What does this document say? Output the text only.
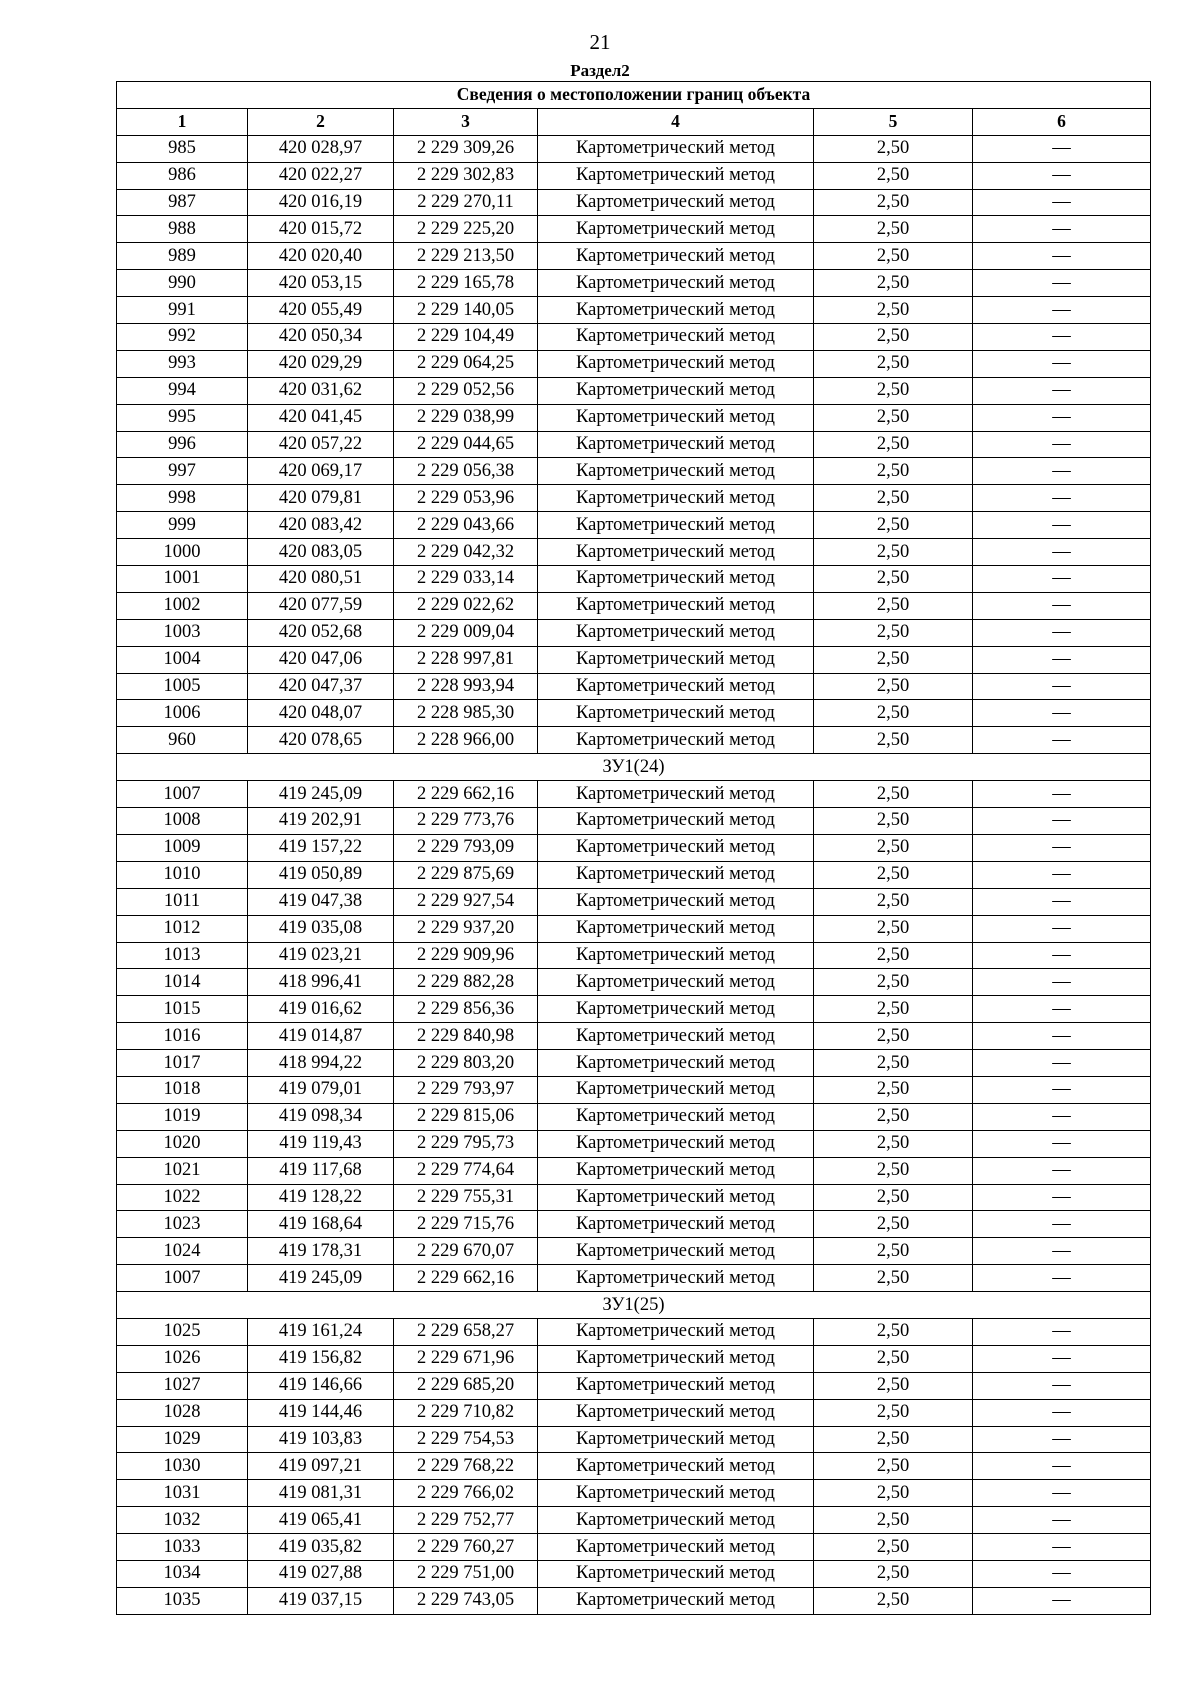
21
Раздел2
Сведения о местоположении границ объекта					
1	2	3	4	5	6
985	420 028,97	2 229 309,26	Картометрический метод	2,50	—
986	420 022,27	2 229 302,83	Картометрический метод	2,50	—
987	420 016,19	2 229 270,11	Картометрический метод	2,50	—
988	420 015,72	2 229 225,20	Картометрический метод	2,50	—
989	420 020,40	2 229 213,50	Картометрический метод	2,50	—
990	420 053,15	2 229 165,78	Картометрический метод	2,50	—
991	420 055,49	2 229 140,05	Картометрический метод	2,50	—
992	420 050,34	2 229 104,49	Картометрический метод	2,50	—
993	420 029,29	2 229 064,25	Картометрический метод	2,50	—
994	420 031,62	2 229 052,56	Картометрический метод	2,50	—
995	420 041,45	2 229 038,99	Картометрический метод	2,50	—
996	420 057,22	2 229 044,65	Картометрический метод	2,50	—
997	420 069,17	2 229 056,38	Картометрический метод	2,50	—
998	420 079,81	2 229 053,96	Картометрический метод	2,50	—
999	420 083,42	2 229 043,66	Картометрический метод	2,50	—
1000	420 083,05	2 229 042,32	Картометрический метод	2,50	—
1001	420 080,51	2 229 033,14	Картометрический метод	2,50	—
1002	420 077,59	2 229 022,62	Картометрический метод	2,50	—
1003	420 052,68	2 229 009,04	Картометрический метод	2,50	—
1004	420 047,06	2 228 997,81	Картометрический метод	2,50	—
1005	420 047,37	2 228 993,94	Картометрический метод	2,50	—
1006	420 048,07	2 228 985,30	Картометрический метод	2,50	—
960	420 078,65	2 228 966,00	Картометрический метод	2,50	—
ЗУ1(24)					
1007	419 245,09	2 229 662,16	Картометрический метод	2,50	—
1008	419 202,91	2 229 773,76	Картометрический метод	2,50	—
1009	419 157,22	2 229 793,09	Картометрический метод	2,50	—
1010	419 050,89	2 229 875,69	Картометрический метод	2,50	—
1011	419 047,38	2 229 927,54	Картометрический метод	2,50	—
1012	419 035,08	2 229 937,20	Картометрический метод	2,50	—
1013	419 023,21	2 229 909,96	Картометрический метод	2,50	—
1014	418 996,41	2 229 882,28	Картометрический метод	2,50	—
1015	419 016,62	2 229 856,36	Картометрический метод	2,50	—
1016	419 014,87	2 229 840,98	Картометрический метод	2,50	—
1017	418 994,22	2 229 803,20	Картометрический метод	2,50	—
1018	419 079,01	2 229 793,97	Картометрический метод	2,50	—
1019	419 098,34	2 229 815,06	Картометрический метод	2,50	—
1020	419 119,43	2 229 795,73	Картометрический метод	2,50	—
1021	419 117,68	2 229 774,64	Картометрический метод	2,50	—
1022	419 128,22	2 229 755,31	Картометрический метод	2,50	—
1023	419 168,64	2 229 715,76	Картометрический метод	2,50	—
1024	419 178,31	2 229 670,07	Картометрический метод	2,50	—
1007	419 245,09	2 229 662,16	Картометрический метод	2,50	—
ЗУ1(25)					
1025	419 161,24	2 229 658,27	Картометрический метод	2,50	—
1026	419 156,82	2 229 671,96	Картометрический метод	2,50	—
1027	419 146,66	2 229 685,20	Картометрический метод	2,50	—
1028	419 144,46	2 229 710,82	Картометрический метод	2,50	—
1029	419 103,83	2 229 754,53	Картометрический метод	2,50	—
1030	419 097,21	2 229 768,22	Картометрический метод	2,50	—
1031	419 081,31	2 229 766,02	Картометрический метод	2,50	—
1032	419 065,41	2 229 752,77	Картометрический метод	2,50	—
1033	419 035,82	2 229 760,27	Картометрический метод	2,50	—
1034	419 027,88	2 229 751,00	Картометрический метод	2,50	—
1035	419 037,15	2 229 743,05	Картометрический метод	2,50	—
